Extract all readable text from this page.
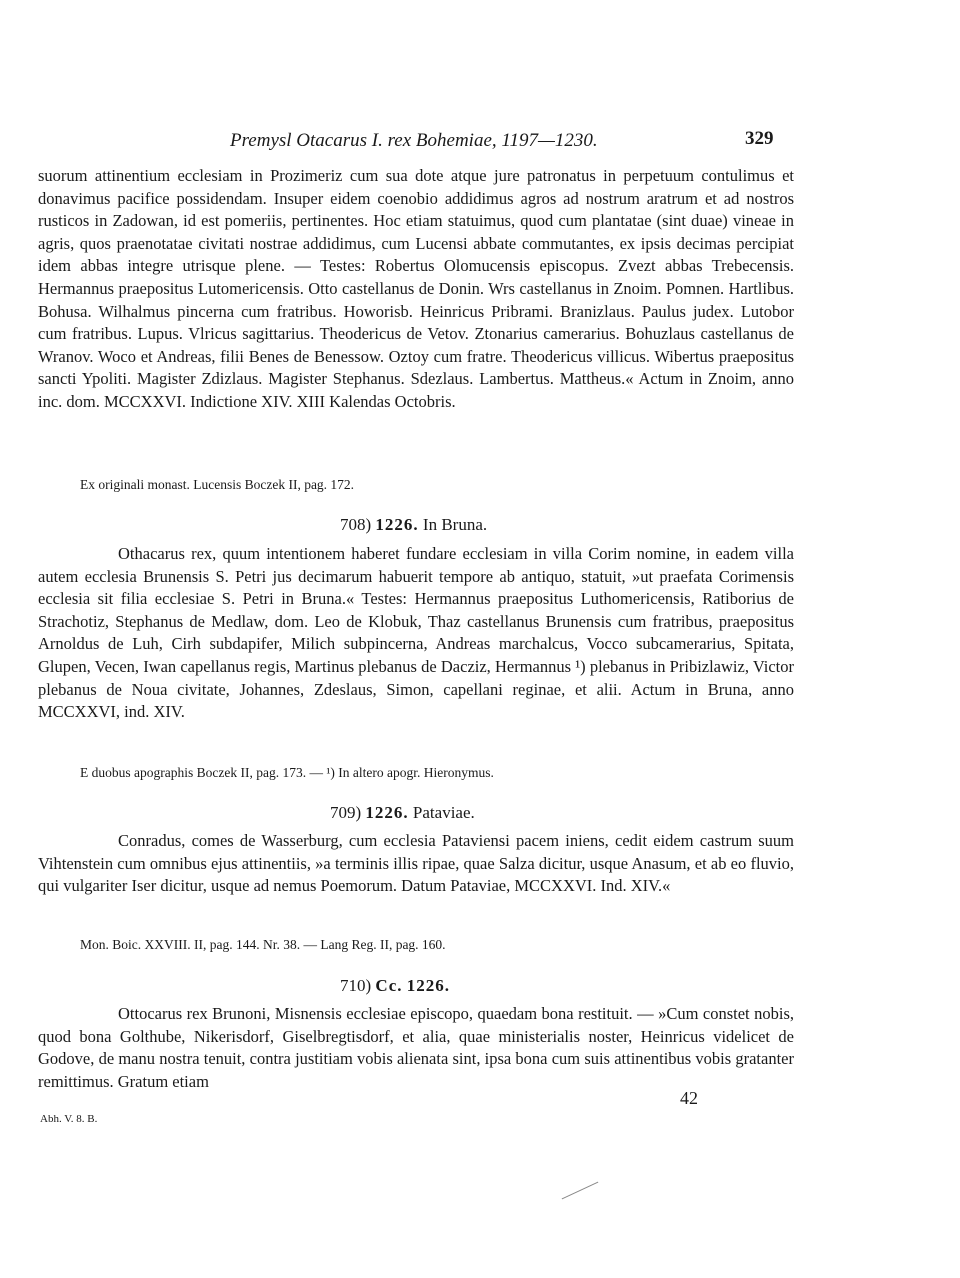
Premysl Otacarus I. rex Bohemiae, 1197—1230.	329

suorum attinentium ecclesiam in Prozimeriz cum sua dote atque jure patronatus in perpetuum contulimus et donavimus pacifice possidendam. Insuper eidem coenobio addidimus agros ad nostrum aratrum et ad nostros rusticos in Zadowan, id est pomeriis, pertinentes. Hoc etiam statuimus, quod cum plantatae (sint duae) vineae in agris, quos praenotatae civitati nostrae addidimus, cum Lucensi abbate commutantes, ex ipsis decimas percipiat idem abbas integre utrisque plene. — Testes: Robertus Olomucensis episcopus. Zvezt abbas Trebecensis. Hermannus praepositus Lutomericensis. Otto castellanus de Donin. Wrs castellanus in Znoim. Pomnen. Hartlibus. Bohusa. Wilhalmus pincerna cum fratribus. Howorisb. Heinricus Pribrami. Branizlaus. Paulus judex. Lutobor cum fratribus. Lupus. Vlricus sagittarius. Theodericus de Vetov. Ztonarius camerarius. Bohuzlaus castellanus de Wranov. Woco et Andreas, filii Benes de Benessow. Oztoy cum fratre. Theodericus villicus. Wibertus praepositus sancti Ypoliti. Magister Zdizlaus. Magister Stephanus. Sdezlaus. Lambertus. Mattheus.« Actum in Znoim, anno inc. dom. MCCXXVI. Indictione XIV. XIII Kalendas Octobris.

Ex originali monast. Lucensis Boczek II, pag. 172.
708) 1226. In Bruna.

Othacarus rex, quum intentionem haberet fundare ecclesiam in villa Corim nomine, in eadem villa autem ecclesia Brunensis S. Petri jus decimarum habuerit tempore ab antiquo, statuit, »ut praefata Corimensis ecclesia sit filia ecclesiae S. Petri in Bruna.« Testes: Hermannus praepositus Luthomericensis, Ratiborius de Strachotiz, Stephanus de Medlaw, dom. Leo de Klobuk, Thaz castellanus Brunensis cum fratribus, praepositus Arnoldus de Luh, Cirh subdapifer, Milich subpincerna, Andreas marchalcus, Vocco subcamerarius, Spitata, Glupen, Vecen, Iwan capellanus regis, Martinus plebanus de Dacziz, Hermannus ¹) plebanus in Pribizlawiz, Victor plebanus de Noua civitate, Johannes, Zdeslaus, Simon, capellani reginae, et alii. Actum in Bruna, anno MCCXXVI, ind. XIV.

E duobus apographis Boczek II, pag. 173. — ¹) In altero apogr. Hieronymus.
709) 1226. Pataviae.

Conradus, comes de Wasserburg, cum ecclesia Pataviensi pacem iniens, cedit eidem castrum suum Vihtenstein cum omnibus ejus attinentiis, »a terminis illis ripae, quae Salza dicitur, usque Anasum, et ab eo fluvio, qui vulgariter Iser dicitur, usque ad nemus Poemorum. Datum Pataviae, MCCXXVI. Ind. XIV.«

Mon. Boic. XXVIII. II, pag. 144. Nr. 38. — Lang Reg. II, pag. 160.
710) Cc. 1226.

Ottocarus rex Brunoni, Misnensis ecclesiae episcopo, quaedam bona restituit. — »Cum constet nobis, quod bona Golthube, Nikerisdorf, Giselbregtisdorf, et alia, quae ministerialis noster, Heinricus videlicet de Godove, de manu nostra tenuit, contra justitiam vobis alienata sint, ipsa bona cum suis attinentibus vobis gratanter remittimus. Gratum etiam

42
Abh. V. 8. B.
